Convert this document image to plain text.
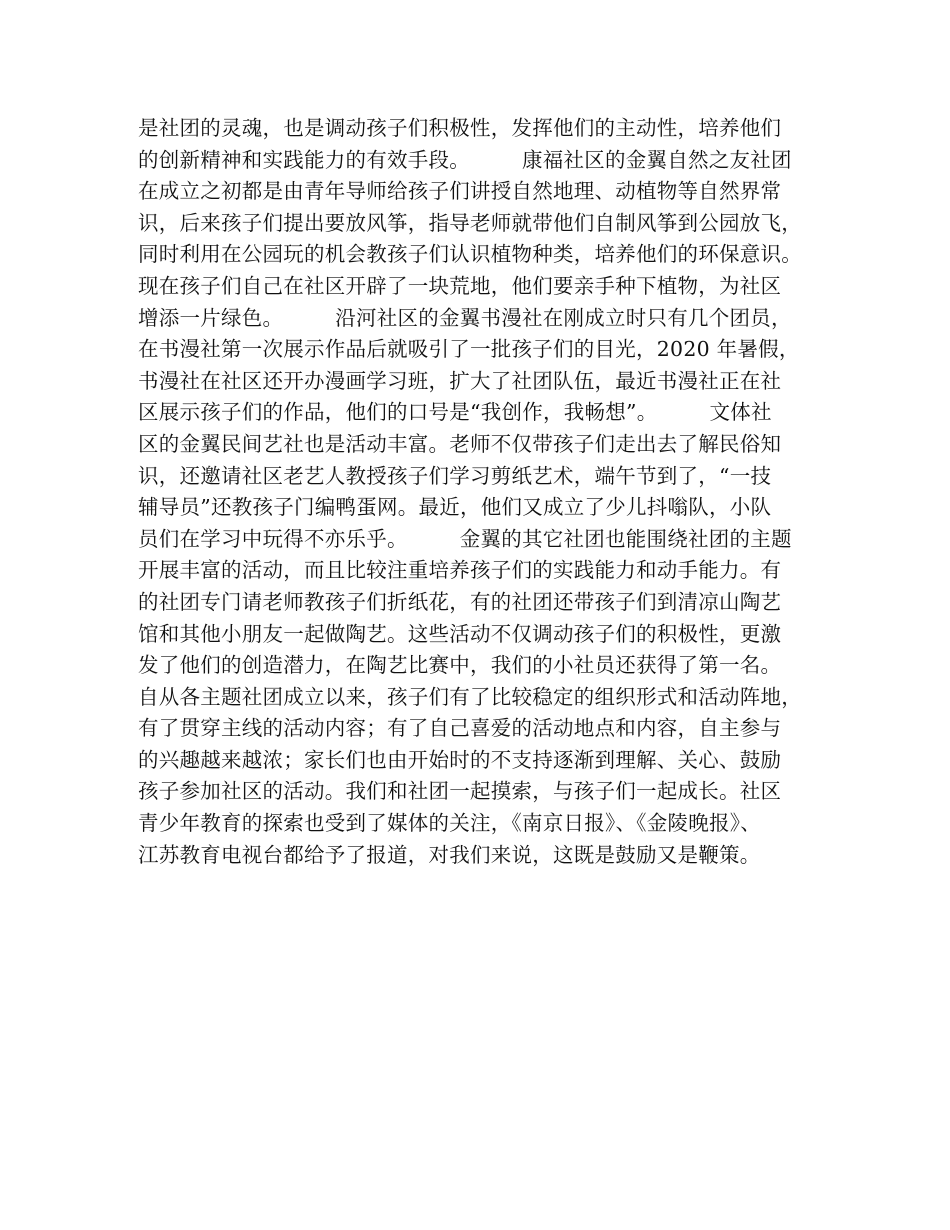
是社团的灵魂，也是调动孩子们积极性，发挥他们的主动性，培养他们
的创新精神和实践能力的有效手段。　　　康福社区的金翼自然之友社团
在成立之初都是由青年导师给孩子们讲授自然地理、动植物等自然界常
识，后来孩子们提出要放风筝，指导老师就带他们自制风筝到公园放飞，
同时利用在公园玩的机会教孩子们认识植物种类，培养他们的环保意识。
现在孩子们自己在社区开辟了一块荒地，他们要亲手种下植物，为社区
增添一片绿色。　　　沿河社区的金翼书漫社在刚成立时只有几个团员，
在书漫社第一次展示作品后就吸引了一批孩子们的目光，2020 年暑假，
书漫社在社区还开办漫画学习班，扩大了社团队伍，最近书漫社正在社
区展示孩子们的作品，他们的口号是“我创作，我畅想”。　　　文体社
区的金翼民间艺社也是活动丰富。老师不仅带孩子们走出去了解民俗知
识，还邀请社区老艺人教授孩子们学习剪纸艺术，端午节到了，“一技
辅导员”还教孩子门编鸭蛋网。最近，他们又成立了少儿抖嗡队，小队
员们在学习中玩得不亦乐乎。　　　金翼的其它社团也能围绕社团的主题
开展丰富的活动，而且比较注重培养孩子们的实践能力和动手能力。有
的社团专门请老师教孩子们折纸花，有的社团还带孩子们到清凉山陶艺
馆和其他小朋友一起做陶艺。这些活动不仅调动孩子们的积极性，更激
发了他们的创造潜力，在陶艺比赛中，我们的小社员还获得了第一名。
自从各主题社团成立以来，孩子们有了比较稳定的组织形式和活动阵地，
有了贯穿主线的活动内容；有了自己喜爱的活动地点和内容，自主参与
的兴趣越来越浓；家长们也由开始时的不支持逐渐到理解、关心、鼓励
孩子参加社区的活动。我们和社团一起摸索，与孩子们一起成长。社区
青少年教育的探索也受到了媒体的关注，《南京日报》、《金陵晚报》、
江苏教育电视台都给予了报道，对我们来说，这既是鼓励又是鞭策。
